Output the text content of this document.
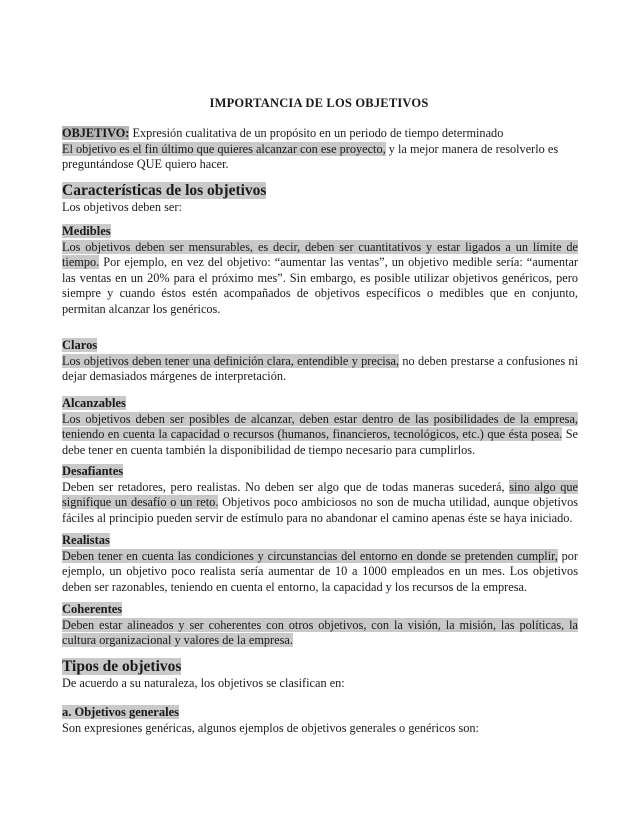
IMPORTANCIA DE LOS OBJETIVOS

OBJETIVO: Expresión cualitativa de un propósito en un periodo de tiempo determinado

El objetivo es el fin último que quieres alcanzar con ese proyecto, y la mejor manera de resolverlo es preguntándose QUE quiero hacer.

Características de los objetivos

Los objetivos deben ser:

Medibles

Los objetivos deben ser mensurables, es decir, deben ser cuantitativos y estar ligados a un límite de tiempo. Por ejemplo, en vez del objetivo: “aumentar las ventas”, un objetivo medible sería: “aumentar las ventas en un 20% para el próximo mes”. Sin embargo, es posible utilizar objetivos genéricos, pero siempre y cuando éstos estén acompañados de objetivos específicos o medibles que en conjunto, permitan alcanzar los genéricos.

Claros

Los objetivos deben tener una definición clara, entendible y precisa, no deben prestarse a confusiones ni dejar demasiados márgenes de interpretación.

Alcanzables

Los objetivos deben ser posibles de alcanzar, deben estar dentro de las posibilidades de la empresa, teniendo en cuenta la capacidad o recursos (humanos, financieros, tecnológicos, etc.) que ésta posea. Se debe tener en cuenta también la disponibilidad de tiempo necesario para cumplirlos.

Desafiantes

Deben ser retadores, pero realistas. No deben ser algo que de todas maneras sucederá, sino algo que signifique un desafío o un reto. Objetivos poco ambiciosos no son de mucha utilidad, aunque objetivos fáciles al principio pueden servir de estímulo para no abandonar el camino apenas éste se haya iniciado.

Realistas

Deben tener en cuenta las condiciones y circunstancias del entorno en donde se pretenden cumplir, por ejemplo, un objetivo poco realista sería aumentar de 10 a 1000 empleados en un mes. Los objetivos deben ser razonables, teniendo en cuenta el entorno, la capacidad y los recursos de la empresa.

Coherentes

Deben estar alineados y ser coherentes con otros objetivos, con la visión, la misión, las políticas, la cultura organizacional y valores de la empresa.

Tipos de objetivos

De acuerdo a su naturaleza, los objetivos se clasifican en:

a. Objetivos generales

Son expresiones genéricas, algunos ejemplos de objetivos generales o genéricos son:
